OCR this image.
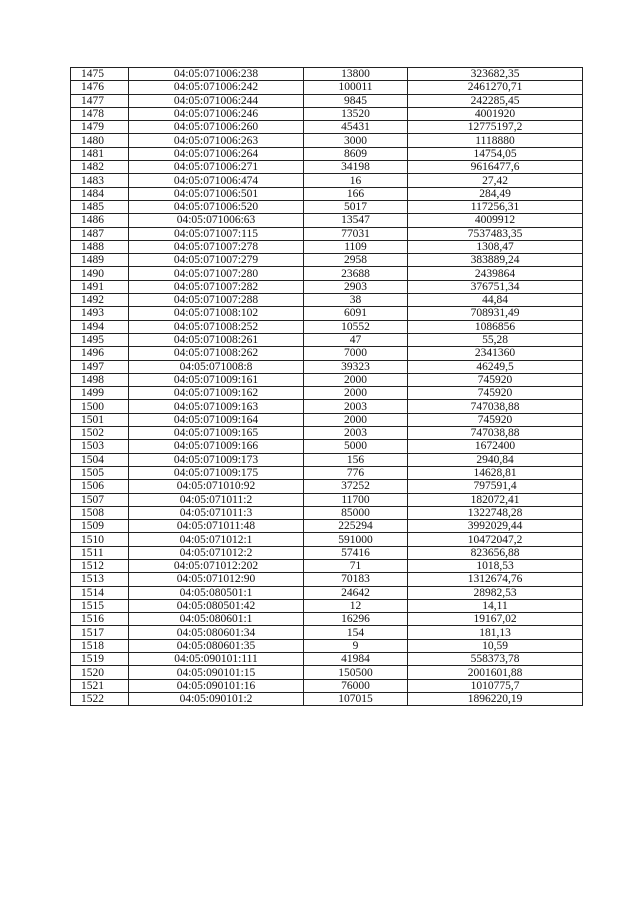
1475	04:05:071006:238	13800	323682,35
1476	04:05:071006:242	100011	2461270,71
1477	04:05:071006:244	9845	242285,45
1478	04:05:071006:246	13520	4001920
1479	04:05:071006:260	45431	12775197,2
1480	04:05:071006:263	3000	1118880
1481	04:05:071006:264	8609	14754,05
1482	04:05:071006:271	34198	9616477,6
1483	04:05:071006:474	16	27,42
1484	04:05:071006:501	166	284,49
1485	04:05:071006:520	5017	117256,31
1486	04:05:071006:63	13547	4009912
1487	04:05:071007:115	77031	7537483,35
1488	04:05:071007:278	1109	1308,47
1489	04:05:071007:279	2958	383889,24
1490	04:05:071007:280	23688	2439864
1491	04:05:071007:282	2903	376751,34
1492	04:05:071007:288	38	44,84
1493	04:05:071008:102	6091	708931,49
1494	04:05:071008:252	10552	1086856
1495	04:05:071008:261	47	55,28
1496	04:05:071008:262	7000	2341360
1497	04:05:071008:8	39323	46249,5
1498	04:05:071009:161	2000	745920
1499	04:05:071009:162	2000	745920
1500	04:05:071009:163	2003	747038,88
1501	04:05:071009:164	2000	745920
1502	04:05:071009:165	2003	747038,88
1503	04:05:071009:166	5000	1672400
1504	04:05:071009:173	156	2940,84
1505	04:05:071009:175	776	14628,81
1506	04:05:071010:92	37252	797591,4
1507	04:05:071011:2	11700	182072,41
1508	04:05:071011:3	85000	1322748,28
1509	04:05:071011:48	225294	3992029,44
1510	04:05:071012:1	591000	10472047,2
1511	04:05:071012:2	57416	823656,88
1512	04:05:071012:202	71	1018,53
1513	04:05:071012:90	70183	1312674,76
1514	04:05:080501:1	24642	28982,53
1515	04:05:080501:42	12	14,11
1516	04:05:080601:1	16296	19167,02
1517	04:05:080601:34	154	181,13
1518	04:05:080601:35	9	10,59
1519	04:05:090101:111	41984	558373,78
1520	04:05:090101:15	150500	2001601,88
1521	04:05:090101:16	76000	1010775,7
1522	04:05:090101:2	107015	1896220,19
